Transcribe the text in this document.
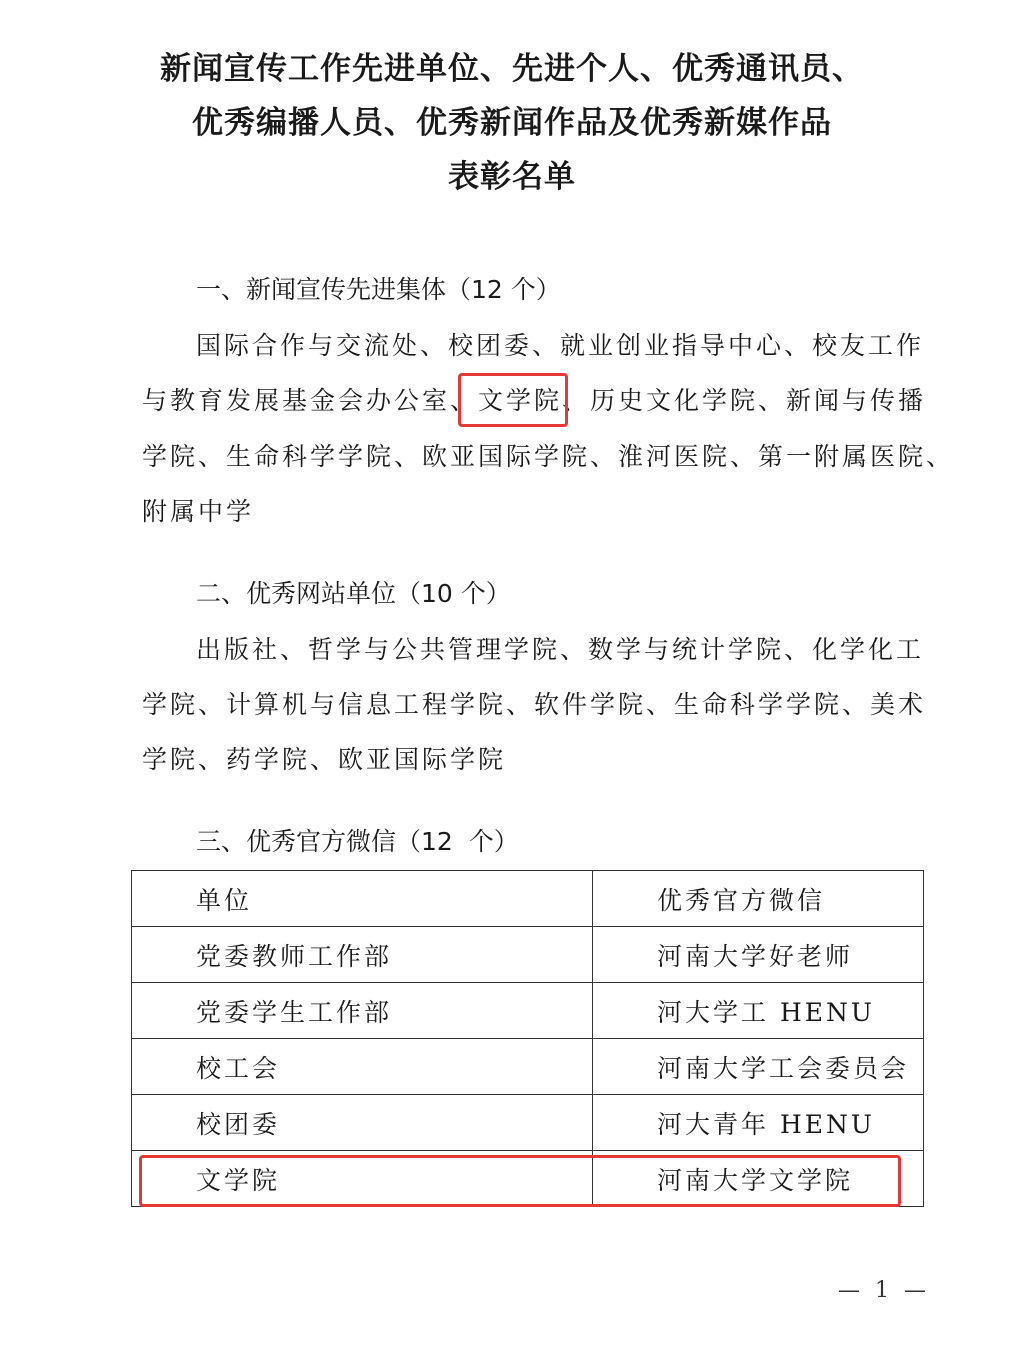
新闻宣传工作先进单位、先进个人、优秀通讯员、
优秀编播人员、优秀新闻作品及优秀新媒作品
表彰名单
一、新闻宣传先进集体（12 个）
国际合作与交流处、校团委、就业创业指导中心、校友工作
与教育发展基金会办公室、文学院、历史文化学院、新闻与传播
学院、生命科学学院、欧亚国际学院、淮河医院、第一附属医院、
附属中学
二、优秀网站单位（10 个）
出版社、哲学与公共管理学院、数学与统计学院、化学化工
学院、计算机与信息工程学院、软件学院、生命科学学院、美术
学院、药学院、欧亚国际学院
三、优秀官方微信（12  个）
单位	优秀官方微信
党委教师工作部	河南大学好老师
党委学生工作部	河大学工 HENU
校工会	河南大学工会委员会
校团委	河大青年 HENU
文学院	河南大学文学院
— 1 —
